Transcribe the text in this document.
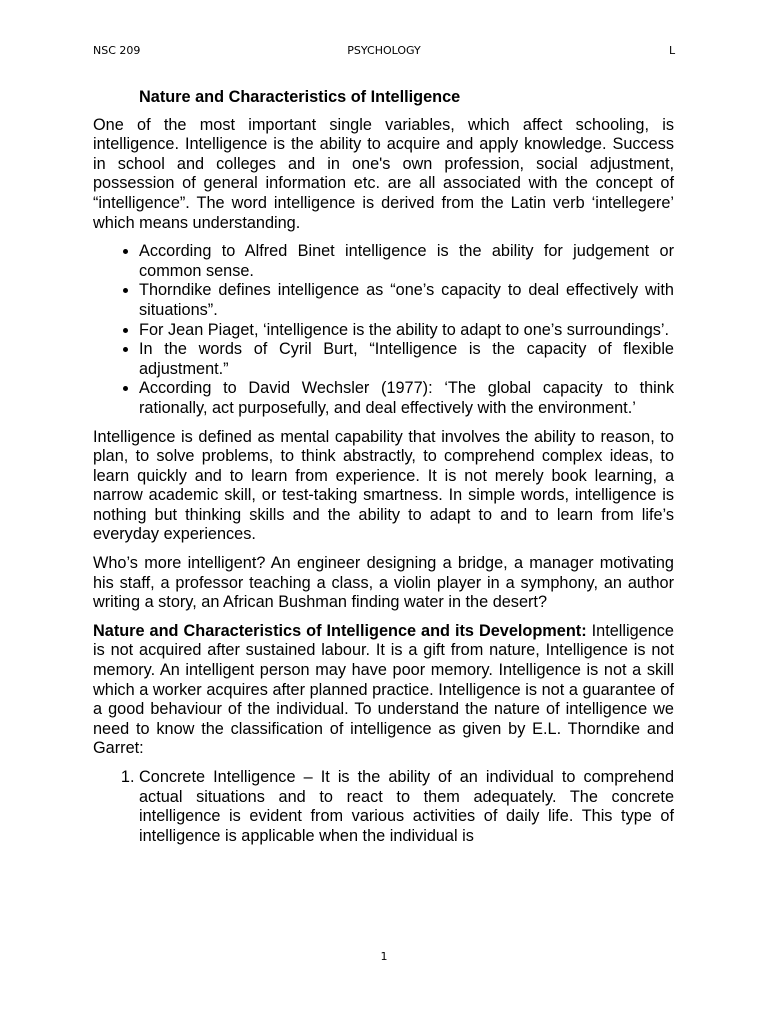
NSC 209	PSYCHOLOGY	L
Nature and Characteristics of Intelligence

One of the most important single variables, which affect schooling, is intelligence. Intelligence is the ability to acquire and apply knowledge. Success in school and colleges and in one's own profession, social adjustment, possession of general information etc. are all associated with the concept of “intelligence”. The word intelligence is derived from the Latin verb ‘intellegere’ which means understanding.

• According to Alfred Binet intelligence is the ability for judgement or common sense.
• Thorndike defines intelligence as “one’s capacity to deal effectively with situations”.
• For Jean Piaget, ‘intelligence is the ability to adapt to one’s surroundings’.
• In the words of Cyril Burt, “Intelligence is the capacity of flexible adjustment.”
• According to David Wechsler (1977): ‘The global capacity to think rationally, act purposefully, and deal effectively with the environment.’

Intelligence is defined as mental capability that involves the ability to reason, to plan, to solve problems, to think abstractly, to comprehend complex ideas, to learn quickly and to learn from experience. It is not merely book learning, a narrow academic skill, or test-taking smartness. In simple words, intelligence is nothing but thinking skills and the ability to adapt to and to learn from life’s everyday experiences.

Who’s more intelligent? An engineer designing a bridge, a manager motivating his staff, a professor teaching a class, a violin player in a symphony, an author writing a story, an African Bushman finding water in the desert?

Nature and Characteristics of Intelligence and its Development: Intelligence is not acquired after sustained labour. It is a gift from nature, Intelligence is not memory. An intelligent person may have poor memory. Intelligence is not a skill which a worker acquires after planned practice. Intelligence is not a guarantee of a good behaviour of the individual. To understand the nature of intelligence we need to know the classification of intelligence as given by E.L. Thorndike and Garret:

1. Concrete Intelligence – It is the ability of an individual to comprehend actual situations and to react to them adequately. The concrete intelligence is evident from various activities of daily life. This type of intelligence is applicable when the individual is
1
